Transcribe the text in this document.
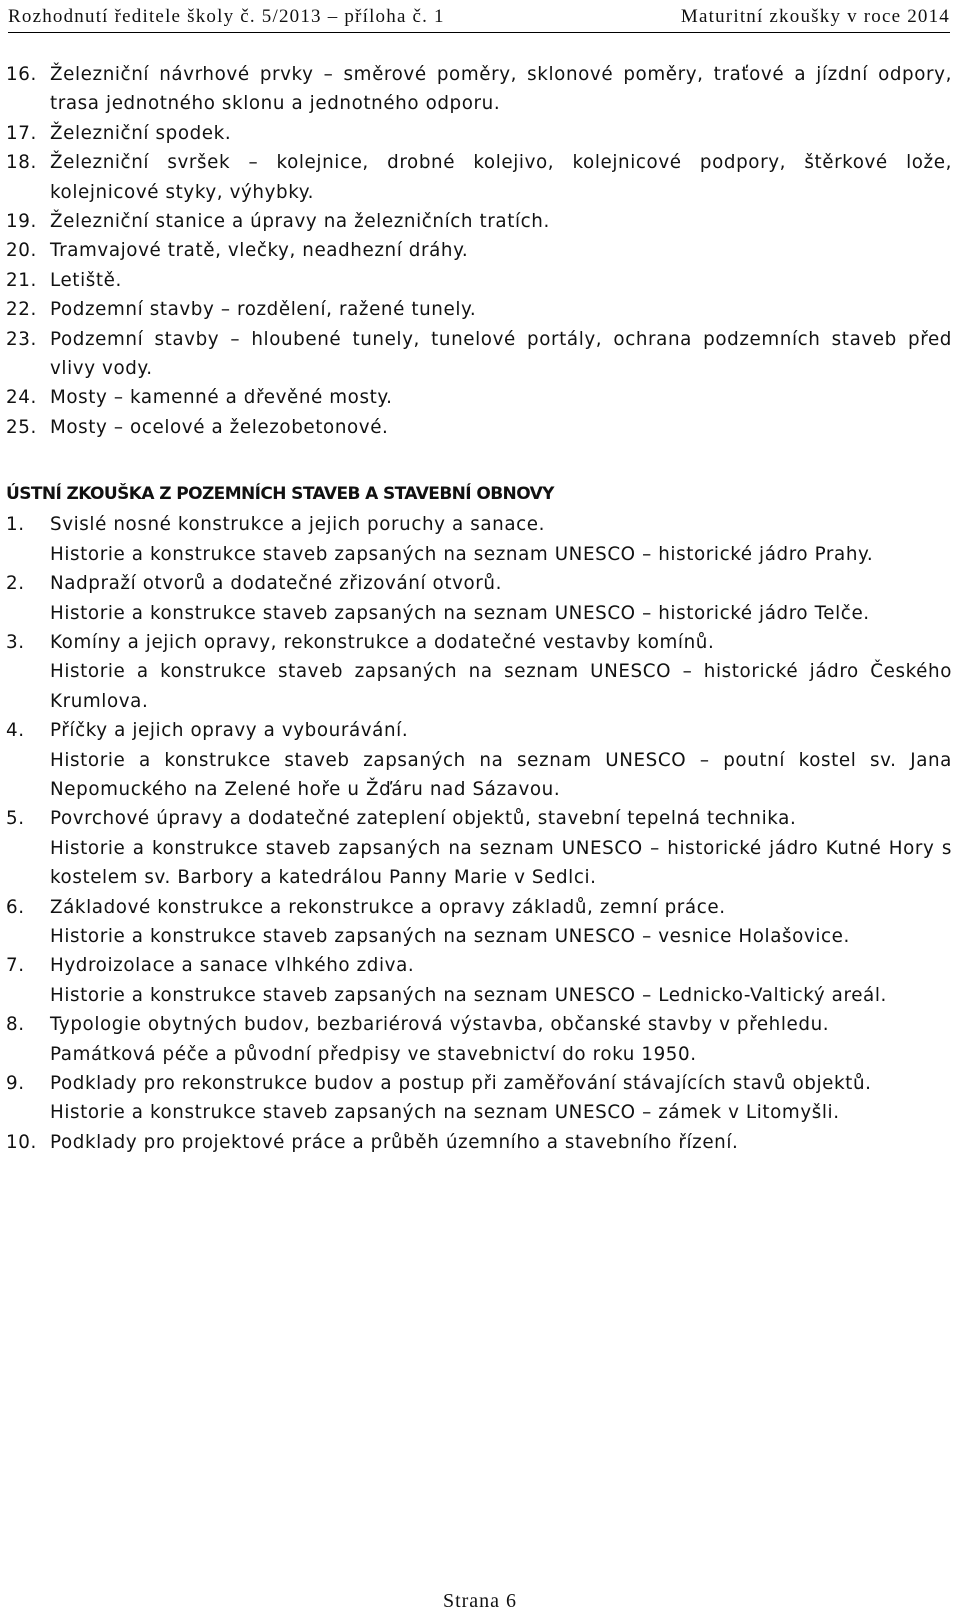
Rozhodnutí ředitele školy č. 5/2013 – příloha č. 1	Maturitní zkoušky v roce 2014
16. Železniční návrhové prvky – směrové poměry, sklonové poměry, traťové a jízdní odpory, trasa jednotného sklonu a jednotného odporu.
17. Železniční spodek.
18. Železniční svršek – kolejnice, drobné kolejivo, kolejnicové podpory, štěrkové lože, kolejnicové styky, výhybky.
19. Železniční stanice a úpravy na železničních tratích.
20. Tramvajové tratě, vlečky, neadhezní dráhy.
21. Letiště.
22. Podzemní stavby – rozdělení, ražené tunely.
23. Podzemní stavby – hloubené tunely, tunelové portály, ochrana podzemních staveb před vlivy vody.
24. Mosty – kamenné a dřevěné mosty.
25. Mosty – ocelové a železobetonové.
ÚSTNÍ ZKOUŠKA Z POZEMNÍCH STAVEB A STAVEBNÍ OBNOVY
1.	Svislé nosné konstrukce a jejich poruchy a sanace.
Historie a konstrukce staveb zapsaných na seznam UNESCO – historické jádro Prahy.
2.	Nadpraží otvorů a dodatečné zřizování otvorů.
Historie a konstrukce staveb zapsaných na seznam UNESCO – historické jádro Telče.
3.	Komíny a jejich opravy, rekonstrukce a dodatečné vestavby komínů.
Historie a konstrukce staveb zapsaných na seznam UNESCO – historické jádro Českého Krumlova.
4.	Příčky a jejich opravy a vybourávání.
Historie a konstrukce staveb zapsaných na seznam UNESCO – poutní kostel sv. Jana Nepomuckého na Zelené hoře u Žďáru nad Sázavou.
5.	Povrchové úpravy a dodatečné zateplení objektů, stavební tepelná technika.
Historie a konstrukce staveb zapsaných na seznam UNESCO – historické jádro Kutné Hory s kostelem sv. Barbory a katedrálou Panny Marie v Sedlci.
6.	Základové konstrukce a rekonstrukce a opravy základů, zemní práce.
Historie a konstrukce staveb zapsaných na seznam UNESCO – vesnice Holašovice.
7.	Hydroizolace a sanace vlhkého zdiva.
Historie a konstrukce staveb zapsaných na seznam UNESCO – Lednicko-Valtický areál.
8.	Typologie obytných budov, bezbariérová výstavba, občanské stavby v přehledu.
Památková péče a původní předpisy ve stavebnictví do roku 1950.
9.	Podklady pro rekonstrukce budov a postup při zaměřování stávajících stavů objektů.
Historie a konstrukce staveb zapsaných na seznam UNESCO – zámek v Litomyšli.
10. Podklady pro projektové práce a průběh územního a stavebního řízení.
Strana 6
